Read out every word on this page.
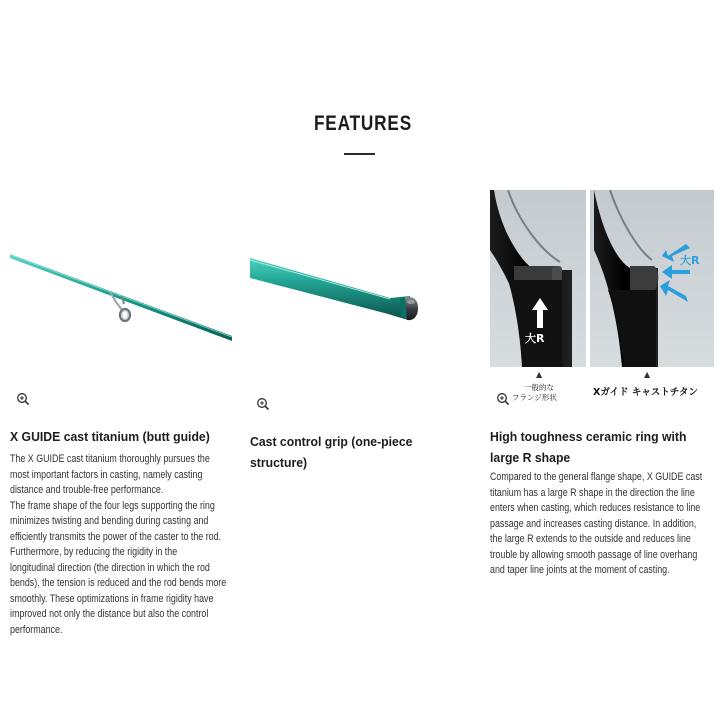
FEATURES
X GUIDE cast titanium (butt guide)
The X GUIDE cast titanium thoroughly pursues the
most important factors in casting, namely casting
distance and trouble-free performance.
The frame shape of the four legs supporting the ring
minimizes twisting and bending during casting and
efficiently transmits the power of the caster to the rod.
Furthermore, by reducing the rigidity in the
longitudinal direction (the direction in which the rod
bends), the tension is reduced and the rod bends more
smoothly. These optimizations in frame rigidity have
improved not only the distance but also the control
performance.
Cast control grip (one-piece
structure)
大R
大R
▲	▲
一般的な
フランジ形状	Xガイド キャストチタン
High toughness ceramic ring with
large R shape
Compared to the general flange shape, X GUIDE cast
titanium has a large R shape in the direction the line
enters when casting, which reduces resistance to line
passage and increases casting distance. In addition,
the large R extends to the outside and reduces line
trouble by allowing smooth passage of line overhang
and taper line joints at the moment of casting.
